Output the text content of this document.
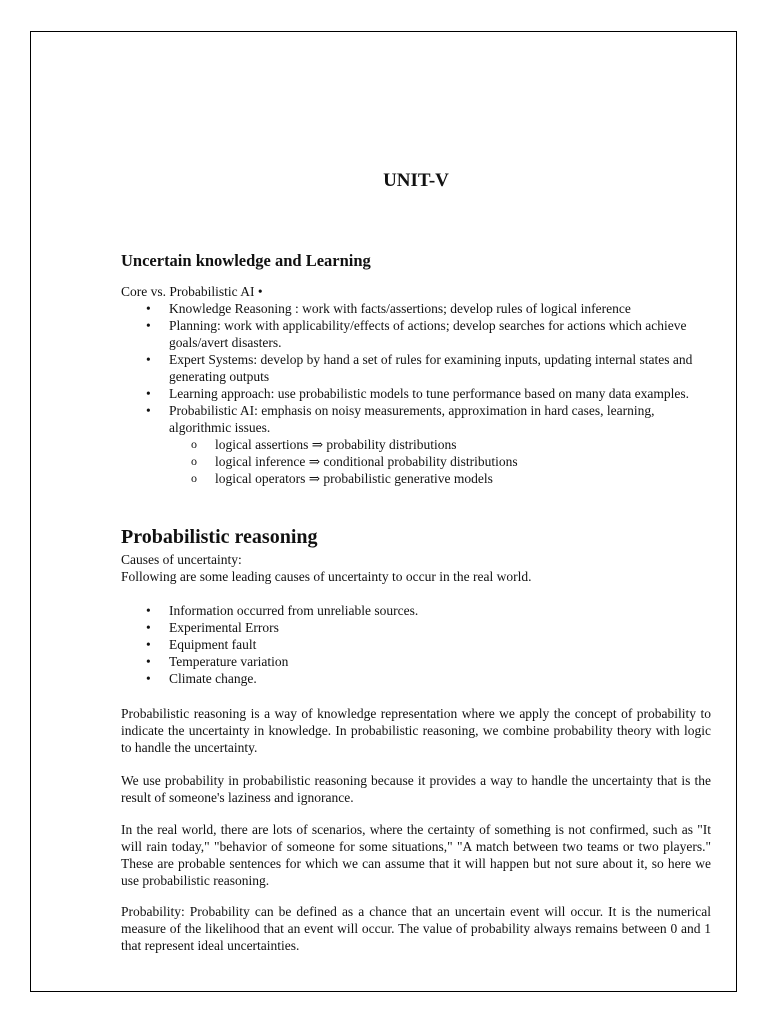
UNIT-V
Uncertain knowledge and Learning
Core vs. Probabilistic AI •
• Knowledge Reasoning : work with facts/assertions; develop rules of logical inference
• Planning: work with applicability/effects of actions; develop searches for actions which achieve goals/avert disasters.
• Expert Systems: develop by hand a set of rules for examining inputs, updating internal states and generating outputs
• Learning approach: use probabilistic models to tune performance based on many data examples.
• Probabilistic AI: emphasis on noisy measurements, approximation in hard cases, learning, algorithmic issues.
o logical assertions ⇒ probability distributions
o logical inference ⇒ conditional probability distributions
o logical operators ⇒ probabilistic generative models
Probabilistic reasoning
Causes of uncertainty:
Following are some leading causes of uncertainty to occur in the real world.
• Information occurred from unreliable sources.
• Experimental Errors
• Equipment fault
• Temperature variation
• Climate change.
Probabilistic reasoning is a way of knowledge representation where we apply the concept of probability to indicate the uncertainty in knowledge. In probabilistic reasoning, we combine probability theory with logic to handle the uncertainty.
We use probability in probabilistic reasoning because it provides a way to handle the uncertainty that is the result of someone's laziness and ignorance.
In the real world, there are lots of scenarios, where the certainty of something is not confirmed, such as "It will rain today," "behavior of someone for some situations," "A match between two teams or two players." These are probable sentences for which we can assume that it will happen but not sure about it, so here we use probabilistic reasoning.
Probability: Probability can be defined as a chance that an uncertain event will occur. It is the numerical measure of the likelihood that an event will occur. The value of probability always remains between 0 and 1 that represent ideal uncertainties.
